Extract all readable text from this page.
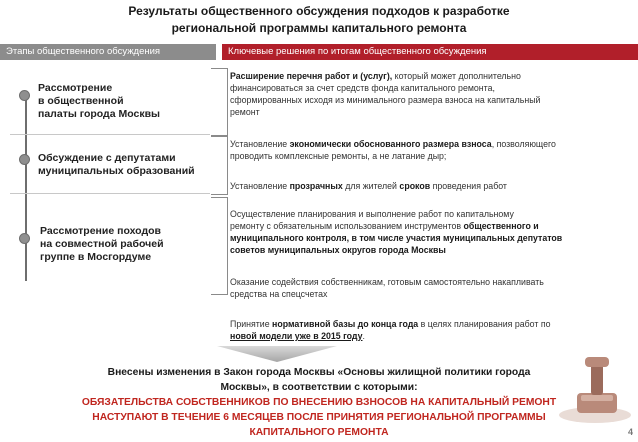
Результаты общественного обсуждения подходов к разработке
региональной программы капитального ремонта
Этапы общественного обсуждения	Ключевые решения по итогам общественного обсуждения
Рассмотрение
в общественной
палаты города Москвы
Обсуждение с депутатами
муниципальных образований
Рассмотрение походов
на совместной рабочей
группе в Мосгордуме
Расширение перечня работ и (услуг), который может дополнительно
финансироваться за счет средств фонда капитального ремонта,
сформированных исходя из минимального размера взноса на капитальный
ремонт
Установление экономически обоснованного размера взноса, позволяющего
проводить комплексные ремонты, а не латание дыр;
Установление прозрачных для жителей сроков проведения работ
Осуществление планирования и выполнение работ по капитальному
ремонту с обязательным использованием инструментов общественного и
муниципального контроля, в том числе участия муниципальных депутатов
советов муниципальных округов города Москвы
Оказание содействия собственникам, готовым самостоятельно накапливать
средства на спецсчетах
Принятие нормативной базы до конца года в целях планирования работ по
новой модели уже в 2015 году.
Внесены изменения в Закон города Москвы «Основы жилищной политики города
Москвы», в соответствии с которыми:
ОБЯЗАТЕЛЬСТВА СОБСТВЕННИКОВ ПО ВНЕСЕНИЮ ВЗНОСОВ НА КАПИТАЛЬНЫЙ РЕМОНТ
НАСТУПАЮТ В ТЕЧЕНИЕ 6 МЕСЯЦЕВ ПОСЛЕ ПРИНЯТИЯ РЕГИОНАЛЬНОЙ ПРОГРАММЫ
КАПИТАЛЬНОГО РЕМОНТА	4
